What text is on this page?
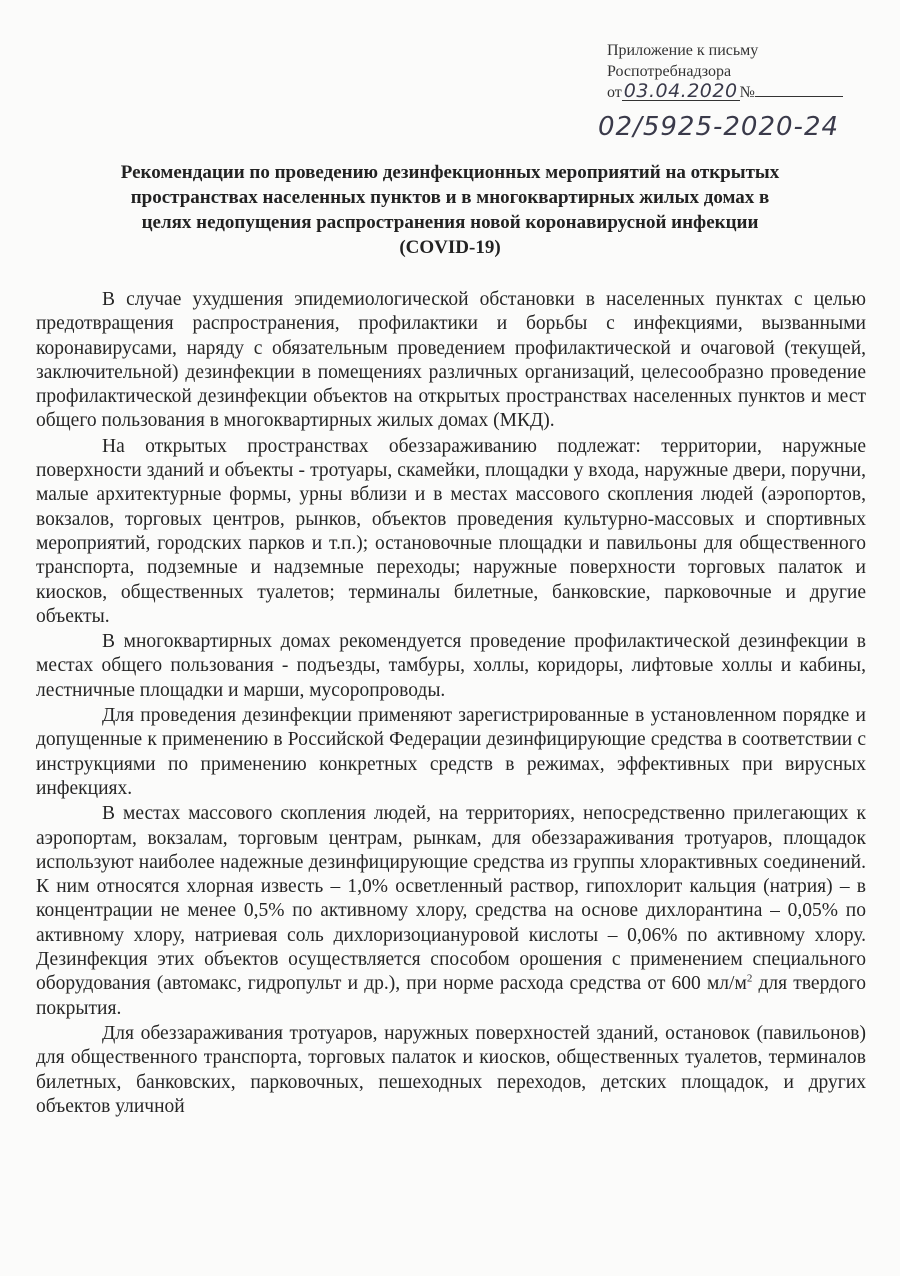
Приложение к письму
Роспотребнадзора
от 03.04.2020 №
02/5925-2020-24
Рекомендации по проведению дезинфекционных мероприятий на открытых
пространствах населенных пунктов и в многоквартирных жилых домах в
целях недопущения распространения новой коронавирусной инфекции
(COVID-19)

В случае ухудшения эпидемиологической обстановки в населенных пунктах с целью предотвращения распространения, профилактики и борьбы с инфекциями, вызванными коронавирусами, наряду с обязательным проведением профилактической и очаговой (текущей, заключительной) дезинфекции в помещениях различных организаций, целесообразно проведение профилактической дезинфекции объектов на открытых пространствах населенных пунктов и мест общего пользования в многоквартирных жилых домах (МКД).

На открытых пространствах обеззараживанию подлежат: территории, наружные поверхности зданий и объекты - тротуары, скамейки, площадки у входа, наружные двери, поручни, малые архитектурные формы, урны вблизи и в местах массового скопления людей (аэропортов, вокзалов, торговых центров, рынков, объектов проведения культурно-массовых и спортивных мероприятий, городских парков и т.п.); остановочные площадки и павильоны для общественного транспорта, подземные и надземные переходы; наружные поверхности торговых палаток и киосков, общественных туалетов; терминалы билетные, банковские, парковочные и другие объекты.

В многоквартирных домах рекомендуется проведение профилактической дезинфекции в местах общего пользования - подъезды, тамбуры, холлы, коридоры, лифтовые холлы и кабины, лестничные площадки и марши, мусоропроводы.

Для проведения дезинфекции применяют зарегистрированные в установленном порядке и допущенные к применению в Российской Федерации дезинфицирующие средства в соответствии с инструкциями по применению конкретных средств в режимах, эффективных при вирусных инфекциях.

В местах массового скопления людей, на территориях, непосредственно прилегающих к аэропортам, вокзалам, торговым центрам, рынкам, для обеззараживания тротуаров, площадок используют наиболее надежные дезинфицирующие средства из группы хлорактивных соединений. К ним относятся хлорная известь – 1,0% осветленный раствор, гипохлорит кальция (натрия) – в концентрации не менее 0,5% по активному хлору, средства на основе дихлорантина – 0,05% по активному хлору, натриевая соль дихлоризоциануровой кислоты – 0,06% по активному хлору. Дезинфекция этих объектов осуществляется способом орошения с применением специального оборудования (автомакс, гидропульт и др.), при норме расхода средства от 600 $мл/м^2$ для твердого покрытия.

Для обеззараживания тротуаров, наружных поверхностей зданий, остановок (павильонов) для общественного транспорта, торговых палаток и киосков, общественных туалетов, терминалов билетных, банковских, парковочных, пешеходных переходов, детских площадок, и других объектов уличной
